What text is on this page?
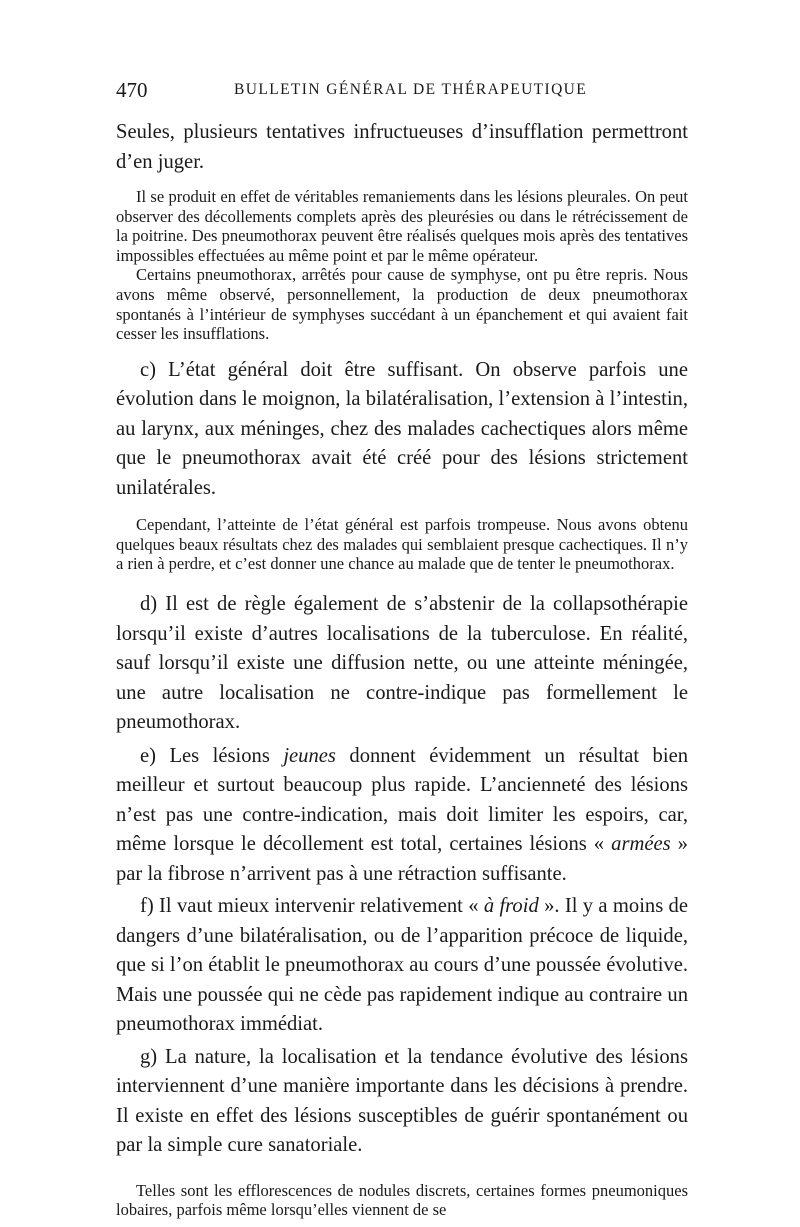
470	BULLETIN GÉNÉRAL DE THÉRAPEUTIQUE

Seules, plusieurs tentatives infructueuses d’insufflation permettront d’en juger.

Il se produit en effet de véritables remaniements dans les lésions pleurales. On peut observer des décollements complets après des pleurésies ou dans le rétrécissement de la poitrine. Des pneumothorax peuvent être réalisés quelques mois après des tentatives impossibles effectuées au même point et par le même opérateur.

Certains pneumothorax, arrêtés pour cause de symphyse, ont pu être repris. Nous avons même observé, personnellement, la production de deux pneumothorax spontanés à l’intérieur de symphyses succédant à un épanchement et qui avaient fait cesser les insufflations.

c) L’état général doit être suffisant. On observe parfois une évolution dans le moignon, la bilatéralisation, l’extension à l’intestin, au larynx, aux méninges, chez des malades cachectiques alors même que le pneumothorax avait été créé pour des lésions strictement unilatérales.

Cependant, l’atteinte de l’état général est parfois trompeuse. Nous avons obtenu quelques beaux résultats chez des malades qui semblaient presque cachectiques. Il n’y a rien à perdre, et c’est donner une chance au malade que de tenter le pneumothorax.

d) Il est de règle également de s’abstenir de la collapsothérapie lorsqu’il existe d’autres localisations de la tuberculose. En réalité, sauf lorsqu’il existe une diffusion nette, ou une atteinte méningée, une autre localisation ne contre-indique pas formellement le pneumothorax.

e) Les lésions jeunes donnent évidemment un résultat bien meilleur et surtout beaucoup plus rapide. L’ancienneté des lésions n’est pas une contre-indication, mais doit limiter les espoirs, car, même lorsque le décollement est total, certaines lésions « armées » par la fibrose n’arrivent pas à une rétraction suffisante.

f) Il vaut mieux intervenir relativement « à froid ». Il y a moins de dangers d’une bilatéralisation, ou de l’apparition précoce de liquide, que si l’on établit le pneumothorax au cours d’une poussée évolutive. Mais une poussée qui ne cède pas rapidement indique au contraire un pneumothorax immédiat.

g) La nature, la localisation et la tendance évolutive des lésions interviennent d’une manière importante dans les décisions à prendre. Il existe en effet des lésions susceptibles de guérir spontanément ou par la simple cure sanatoriale.

Telles sont les efflorescences de nodules discrets, certaines formes pneumoniques lobaires, parfois même lorsqu’elles viennent de se
